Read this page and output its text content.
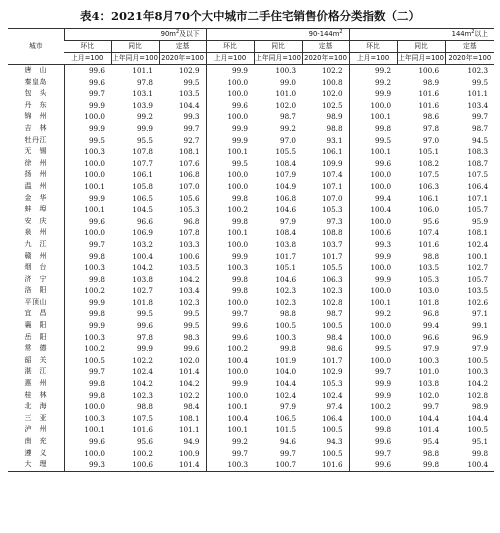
表4：2021年8月70个大中城市二手住宅销售价格分类指数（二）
城市	$90m^2$及以下			$90-144m^2$			$144m^2$以上		
	环比	同比	定基	环比	同比	定基	环比	同比	定基
	上月=100	上年同月=100	2020年=100	上月=100	上年同月=100	2020年=100	上月=100	上年同月=100	2020年=100
唐　山	99.6	101.1	102.9	99.9	100.3	102.2	99.2	100.6	102.3
秦皇岛	99.6	97.8	99.5	100.0	99.0	100.8	99.2	98.9	99.5
包　头	99.7	103.1	103.5	100.0	101.0	102.0	99.9	101.6	101.1
丹　东	99.9	103.9	104.4	99.6	102.0	102.5	100.0	101.6	103.4
锦　州	100.0	99.2	99.3	100.0	98.7	98.9	100.1	98.6	99.7
吉　林	99.9	99.9	99.7	99.9	99.2	98.8	99.8	97.8	98.7
牡丹江	99.5	95.5	92.7	99.9	97.0	93.1	99.5	97.0	94.5
无　锡	100.3	107.8	108.1	100.1	105.5	106.1	100.1	105.1	108.3
徐　州	100.0	107.7	107.6	99.5	108.4	109.9	99.6	108.2	108.7
扬　州	100.0	106.1	106.8	100.0	107.9	107.4	100.0	107.5	107.5
温　州	100.1	105.8	107.0	100.0	104.9	107.1	100.0	106.3	106.4
金　华	99.9	106.5	105.6	99.8	106.8	107.0	99.4	106.1	107.1
蚌　埠	100.1	104.5	105.3	100.2	104.6	105.3	100.4	106.0	105.7
安　庆	99.6	96.6	96.8	99.8	97.9	97.3	100.0	95.6	95.9
泉　州	100.0	106.9	107.8	100.1	108.4	108.8	100.6	107.4	108.1
九　江	99.7	103.2	103.3	100.0	103.8	103.7	99.3	101.6	102.4
赣　州	99.8	100.4	100.6	99.9	101.7	101.7	99.9	98.8	100.1
烟　台	100.3	104.2	103.5	100.3	105.1	105.5	100.0	103.5	102.7
济　宁	99.8	103.8	104.2	99.8	104.6	106.3	99.9	105.3	105.7
洛　阳	100.2	102.7	103.4	99.8	102.3	102.3	100.0	103.0	103.5
平顶山	99.9	101.8	102.3	100.0	102.3	102.8	100.1	101.8	102.6
宜　昌	99.8	99.5	99.5	99.7	98.8	98.7	99.2	96.8	97.1
襄　阳	99.9	99.6	99.5	99.6	100.5	100.5	100.0	99.4	99.1
岳　阳	100.3	97.8	98.3	99.6	100.3	98.4	100.0	96.6	96.9
常　德	100.2	99.9	99.6	100.2	99.8	98.6	99.5	97.9	97.9
韶　关	100.5	102.2	102.0	100.4	101.9	101.7	100.0	100.3	100.5
湛　江	99.7	102.4	101.4	100.0	104.0	102.9	99.7	101.0	100.3
惠　州	99.8	104.2	104.2	99.9	104.4	105.3	99.9	103.8	104.2
桂　林	99.8	102.3	102.2	100.0	102.4	102.4	99.9	102.0	102.8
北　海	100.0	98.8	98.4	100.1	97.9	97.4	100.2	99.7	98.9
三　亚	100.3	107.5	108.1	100.4	106.5	106.4	100.0	104.4	104.4
泸　州	100.1	101.6	101.1	100.1	101.5	100.5	99.8	101.4	100.5
南　充	99.6	95.6	94.9	99.2	94.6	94.3	99.6	95.4	95.1
遵　义	100.0	100.2	100.9	99.7	99.7	100.5	99.7	98.8	99.8
大　理	99.3	100.6	101.4	100.3	100.7	101.6	99.6	99.8	100.4
